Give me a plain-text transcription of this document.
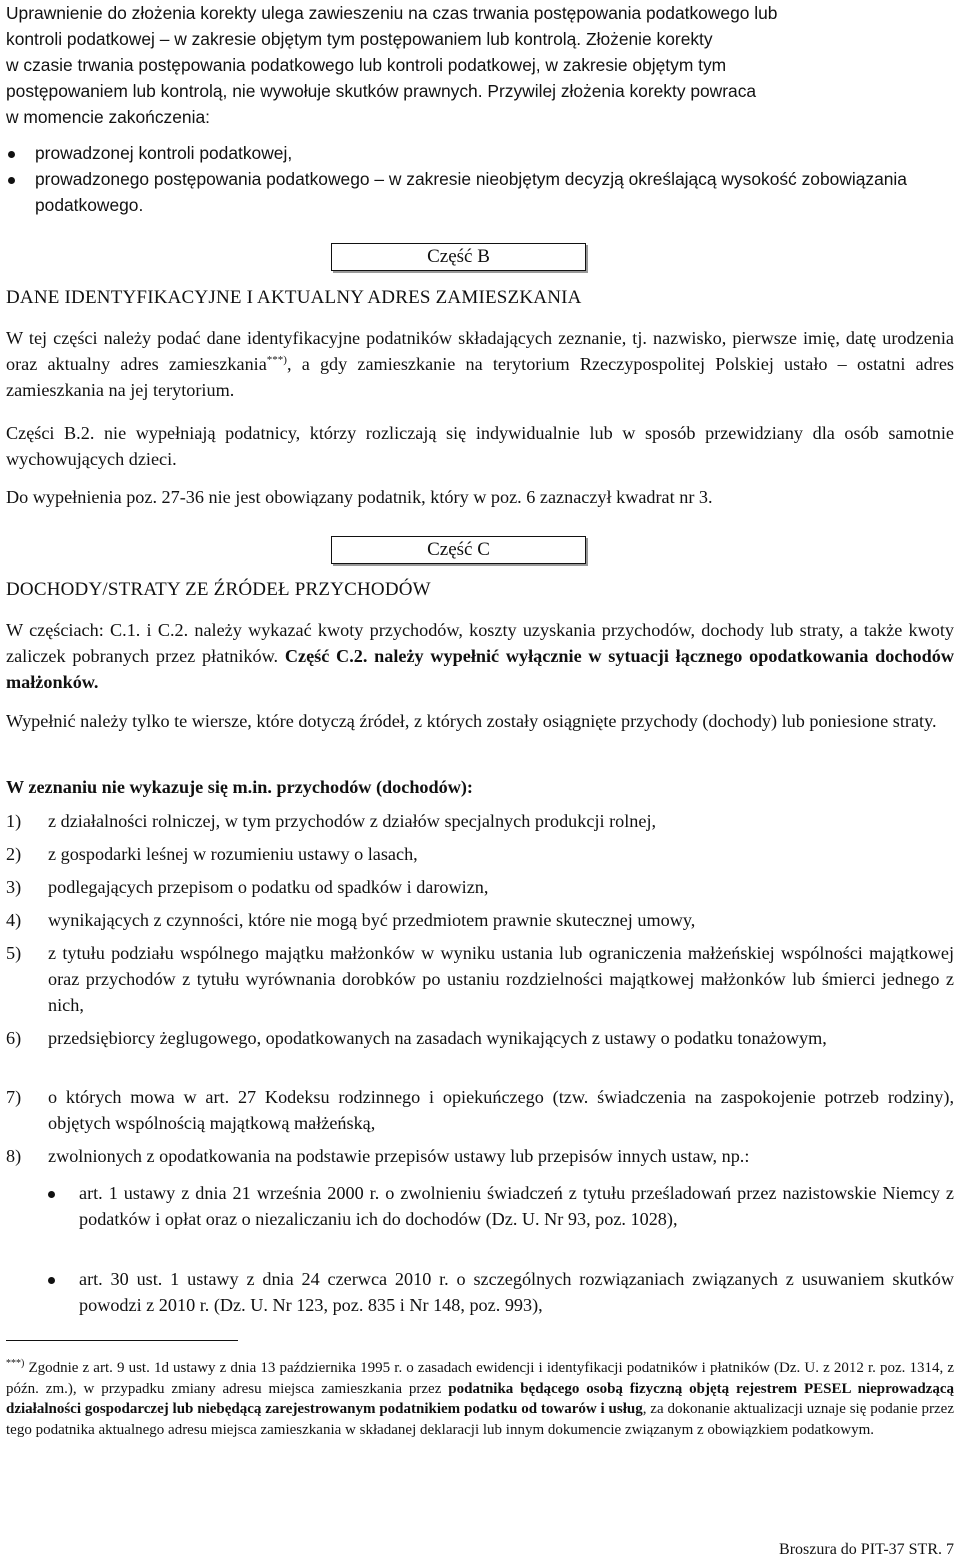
Uprawnienie do złożenia korekty ulega zawieszeniu na czas trwania postępowania podatkowego lub
kontroli podatkowej – w zakresie objętym tym postępowaniem lub kontrolą. Złożenie korekty
w czasie trwania postępowania podatkowego lub kontroli podatkowej, w zakresie objętym tym
postępowaniem lub kontrolą, nie wywołuje skutków prawnych. Przywilej złożenia korekty powraca
w momencie zakończenia:
prowadzonej kontroli podatkowej,
prowadzonego postępowania podatkowego – w zakresie nieobjętym decyzją określającą wysokość zobowiązania podatkowego.
Część B
DANE IDENTYFIKACYJNE I AKTUALNY ADRES ZAMIESZKANIA
W tej części należy podać dane identyfikacyjne podatników składających zeznanie, tj. nazwisko, pierwsze imię, datę urodzenia oraz aktualny adres zamieszkania***), a gdy zamieszkanie na terytorium Rzeczypospolitej Polskiej ustało – ostatni adres zamieszkania na jej terytorium.
Części B.2. nie wypełniają podatnicy, którzy rozliczają się indywidualnie lub w sposób przewidziany dla osób samotnie wychowujących dzieci.
Do wypełnienia poz. 27-36 nie jest obowiązany podatnik, który w poz. 6 zaznaczył kwadrat nr 3.
Część C
DOCHODY/STRATY ZE ŹRÓDEŁ PRZYCHODÓW
W częściach: C.1. i C.2. należy wykazać kwoty przychodów, koszty uzyskania przychodów, dochody lub straty, a także kwoty zaliczek pobranych przez płatników. Część C.2. należy wypełnić wyłącznie w sytuacji łącznego opodatkowania dochodów małżonków.
Wypełnić należy tylko te wiersze, które dotyczą źródeł, z których zostały osiągnięte przychody (dochody) lub poniesione straty.
W zeznaniu nie wykazuje się m.in. przychodów (dochodów):
1) z działalności rolniczej, w tym przychodów z działów specjalnych produkcji rolnej,
2) z gospodarki leśnej w rozumieniu ustawy o lasach,
3) podlegających przepisom o podatku od spadków i darowizn,
4) wynikających z czynności, które nie mogą być przedmiotem prawnie skutecznej umowy,
5) z tytułu podziału wspólnego majątku małżonków w wyniku ustania lub ograniczenia małżeńskiej wspólności majątkowej oraz przychodów z tytułu wyrównania dorobków po ustaniu rozdzielności majątkowej małżonków lub śmierci jednego z nich,
6) przedsiębiorcy żeglugowego, opodatkowanych na zasadach wynikających z ustawy o podatku tonażowym,
7) o których mowa w art. 27 Kodeksu rodzinnego i opiekuńczego (tzw. świadczenia na zaspokojenie potrzeb rodziny), objętych wspólnością majątkową małżeńską,
8) zwolnionych z opodatkowania na podstawie przepisów ustawy lub przepisów innych ustaw, np.:
art. 1 ustawy z dnia 21 września 2000 r. o zwolnieniu świadczeń z tytułu prześladowań przez nazistowskie Niemcy z podatków i opłat oraz o niezaliczaniu ich do dochodów (Dz. U. Nr 93, poz. 1028),
art. 30 ust. 1 ustawy z dnia 24 czerwca 2010 r. o szczególnych rozwiązaniach związanych z usuwaniem skutków powodzi z 2010 r. (Dz. U. Nr 123, poz. 835 i Nr 148, poz. 993),
***) Zgodnie z art. 9 ust. 1d ustawy z dnia 13 października 1995 r. o zasadach ewidencji i identyfikacji podatników i płatników (Dz. U. z 2012 r. poz. 1314, z późn. zm.), w przypadku zmiany adresu miejsca zamieszkania przez podatnika będącego osobą fizyczną objętą rejestrem PESEL nieprowadzącą działalności gospodarczej lub niebędącą zarejestrowanym podatnikiem podatku od towarów i usług, za dokonanie aktualizacji uznaje się podanie przez tego podatnika aktualnego adresu miejsca zamieszkania w składanej deklaracji lub innym dokumencie związanym z obowiązkiem podatkowym.
Broszura do PIT-37 STR. 7
